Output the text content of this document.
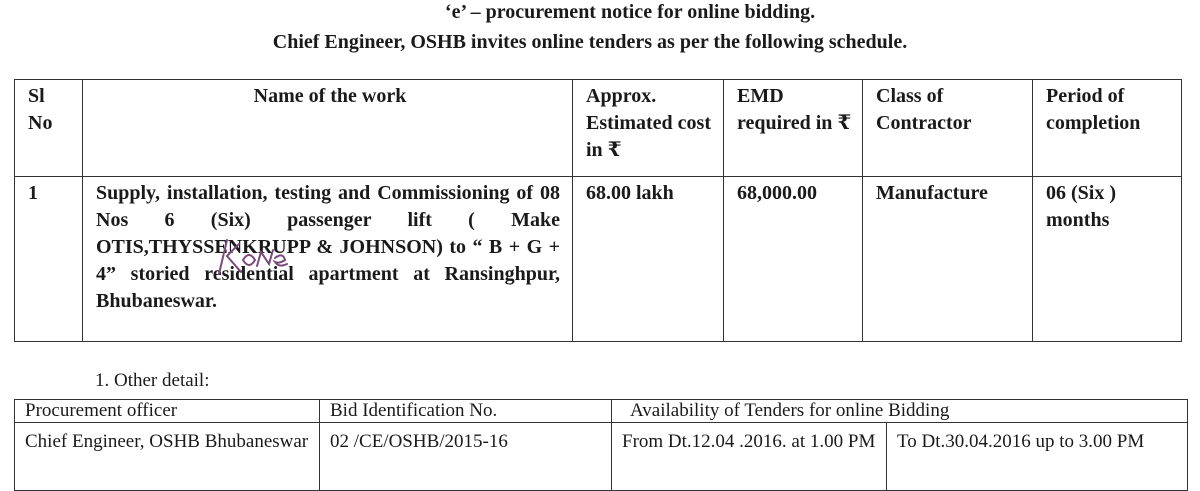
‘e’ – procurement notice for online bidding.
Chief Engineer, OSHB invites online tenders as per the following schedule.
Sl No	Name of the work	Approx. Estimated cost in ₹	EMD required in ₹	Class of Contractor	Period of completion
1	Supply, installation, testing and Commissioning of 08 Nos 6 (Six) passenger lift ( Make OTIS,THYSSENKRUPP & JOHNSON) to “ B + G + 4” storied residential apartment at Ransinghpur, Bhubaneswar.	68.00 lakh	68,000.00	Manufacture	06 (Six ) months

1. Other detail:

Procurement officer	Bid Identification No.	Availability of Tenders for online Bidding	
Chief Engineer, OSHB Bhubaneswar	02 /CE/OSHB/2015-16	From Dt.12.04 .2016. at 1.00 PM	To Dt.30.04.2016 up to 3.00 PM
